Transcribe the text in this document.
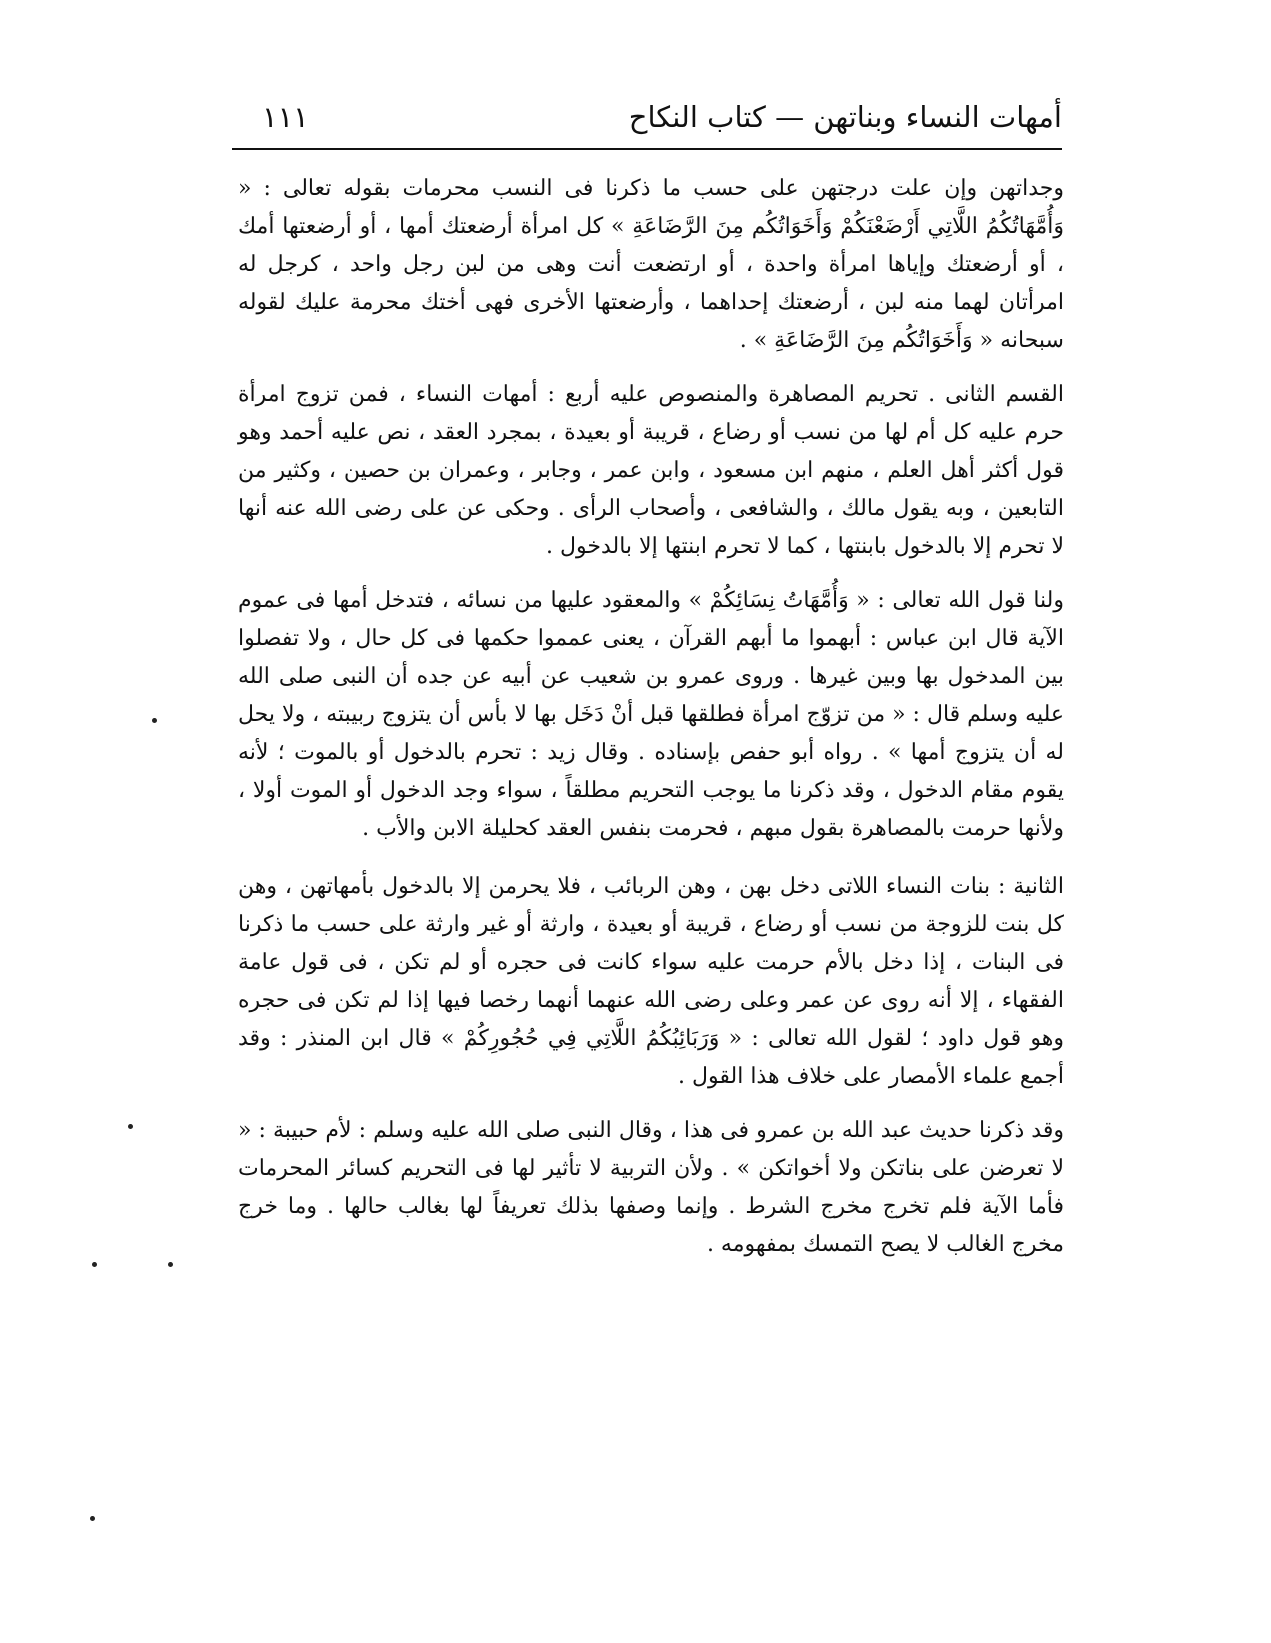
أمهات النساء وبناتهن — كتاب النكاح
١١١

وجداتهن وإن علت درجتهن على حسب ما ذكرنا فى النسب محرمات بقوله تعالى : « وَأُمَّهَاتُكُمُ اللَّاتِي أَرْضَعْنَكُمْ وَأَخَوَاتُكُم مِنَ الرَّضَاعَةِ » كل امرأة أرضعتك أمها ، أو أرضعتها أمك ، أو أرضعتك وإياها امرأة واحدة ، أو ارتضعت أنت وهى من لبن رجل واحد ، كرجل له امرأتان لهما منه لبن ، أرضعتك إحداهما ، وأرضعتها الأخرى فهى أختك محرمة عليك لقوله سبحانه « وَأَخَوَاتُكُم مِنَ الرَّضَاعَةِ » .

القسم الثانى . تحريم المصاهرة والمنصوص عليه أربع : أمهات النساء ، فمن تزوج امرأة حرم عليه كل أم لها من نسب أو رضاع ، قريبة أو بعيدة ، بمجرد العقد ، نص عليه أحمد وهو قول أكثر أهل العلم ، منهم ابن مسعود ، وابن عمر ، وجابر ، وعمران بن حصين ، وكثير من التابعين ، وبه يقول مالك ، والشافعى ، وأصحاب الرأى . وحكى عن على رضى الله عنه أنها لا تحرم إلا بالدخول بابنتها ، كما لا تحرم ابنتها إلا بالدخول .

ولنا قول الله تعالى : « وَأُمَّهَاتُ نِسَائِكُمْ » والمعقود عليها من نسائه ، فتدخل أمها فى عموم الآية قال ابن عباس : أبهموا ما أبهم القرآن ، يعنى عمموا حكمها فى كل حال ، ولا تفصلوا بين المدخول بها وبين غيرها . وروى عمرو بن شعيب عن أبيه عن جده أن النبى صلى الله عليه وسلم قال : « من تزوّج امرأة فطلقها قبل أنْ دَخَل بها لا بأس أن يتزوج ربيبته ، ولا يحل له أن يتزوج أمها » . رواه أبو حفص بإسناده . وقال زيد : تحرم بالدخول أو بالموت ؛ لأنه يقوم مقام الدخول ، وقد ذكرنا ما يوجب التحريم مطلقاً ، سواء وجد الدخول أو الموت أولا ، ولأنها حرمت بالمصاهرة بقول مبهم ، فحرمت بنفس العقد كحليلة الابن والأب .

الثانية : بنات النساء اللاتى دخل بهن ، وهن الربائب ، فلا يحرمن إلا بالدخول بأمهاتهن ، وهن كل بنت للزوجة من نسب أو رضاع ، قريبة أو بعيدة ، وارثة أو غير وارثة على حسب ما ذكرنا فى البنات ، إذا دخل بالأم حرمت عليه سواء كانت فى حجره أو لم تكن ، فى قول عامة الفقهاء ، إلا أنه روى عن عمر وعلى رضى الله عنهما أنهما رخصا فيها إذا لم تكن فى حجره وهو قول داود ؛ لقول الله تعالى : « وَرَبَائِبُكُمُ اللَّاتِي فِي حُجُورِكُمْ » قال ابن المنذر : وقد أجمع علماء الأمصار على خلاف هذا القول .

وقد ذكرنا حديث عبد الله بن عمرو فى هذا ، وقال النبى صلى الله عليه وسلم : لأم حبيبة : « لا تعرضن على بناتكن ولا أخواتكن » . ولأن التربية لا تأثير لها فى التحريم كسائر المحرمات فأما الآية فلم تخرج مخرج الشرط . وإنما وصفها بذلك تعريفاً لها بغالب حالها . وما خرج مخرج الغالب لا يصح التمسك بمفهومه .
